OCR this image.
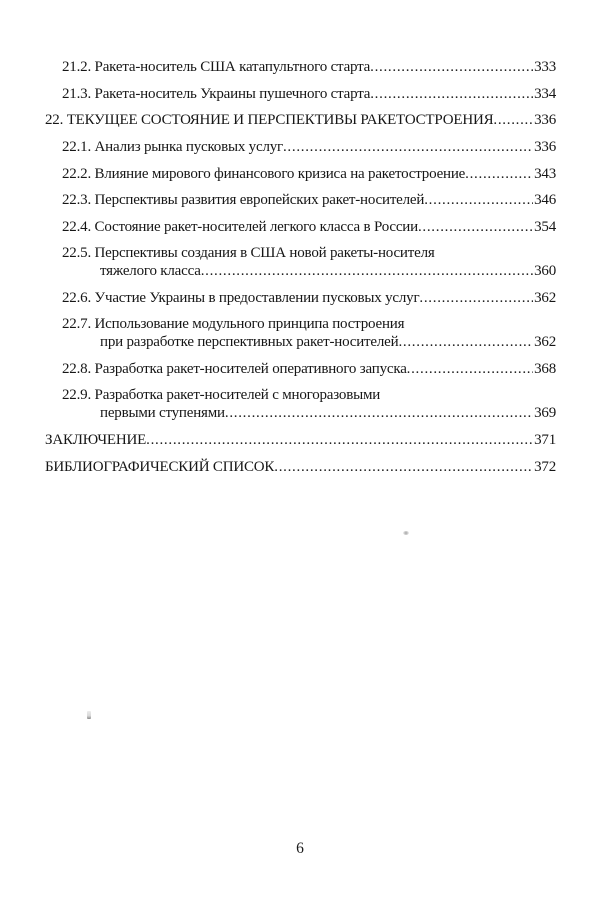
21.2. Ракета-носитель США катапультного старта .....	333
21.3. Ракета-носитель Украины пушечного старта .....	334
22. ТЕКУЩЕЕ СОСТОЯНИЕ И ПЕРСПЕКТИВЫ РАКЕТОСТРОЕНИЯ .....	336
22.1. Анализ рынка пусковых услуг .....	336
22.2. Влияние мирового финансового кризиса на ракетостроение .....	343
22.3. Перспективы развития европейских ракет-носителей .....	346
22.4. Состояние ракет-носителей легкого класса в России .....	354
22.5. Перспективы создания в США новой ракеты-носителя
тяжелого класса .....	360
22.6. Участие Украины в предоставлении пусковых услуг .....	362
22.7. Использование модульного принципа построения
при разработке перспективных ракет-носителей .....	362
22.8. Разработка ракет-носителей оперативного запуска .....	368
22.9. Разработка ракет-носителей с многоразовыми
первыми ступенями .....	369
ЗАКЛЮЧЕНИЕ .....	371
БИБЛИОГРАФИЧЕСКИЙ СПИСОК .....	372
6
